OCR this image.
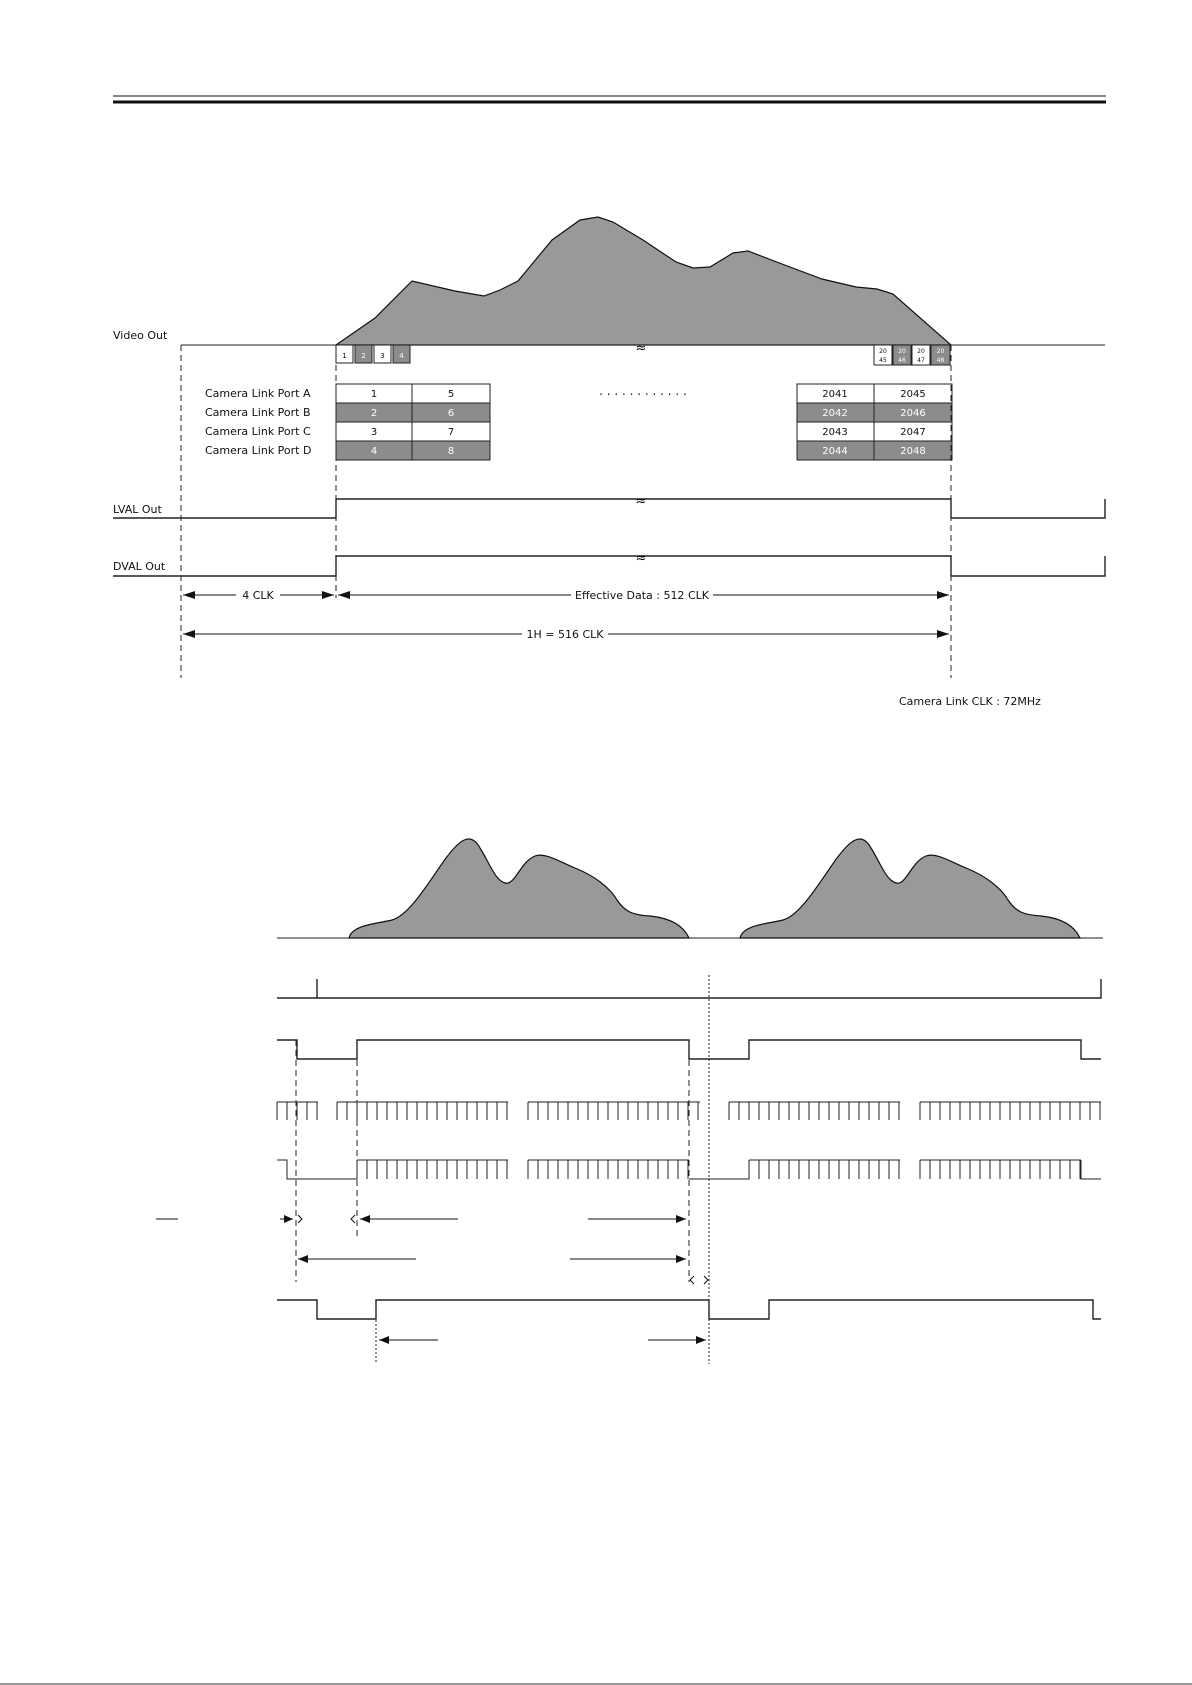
Video Out
≈
1 2 3 4
20
45
20
46
20
47
20
48
Camera Link Port A	1	5	2041	2045
Camera Link Port B	2	6	2042	2046
Camera Link Port C	3	7	2043	2047
Camera Link Port D	4	8	2044	2048
. . . . . . . . . . . .
LVAL Out
≈
DVAL Out
≈
4 CLK	Effective Data : 512 CLK
1H = 516 CLK
Camera Link CLK : 72MHz
